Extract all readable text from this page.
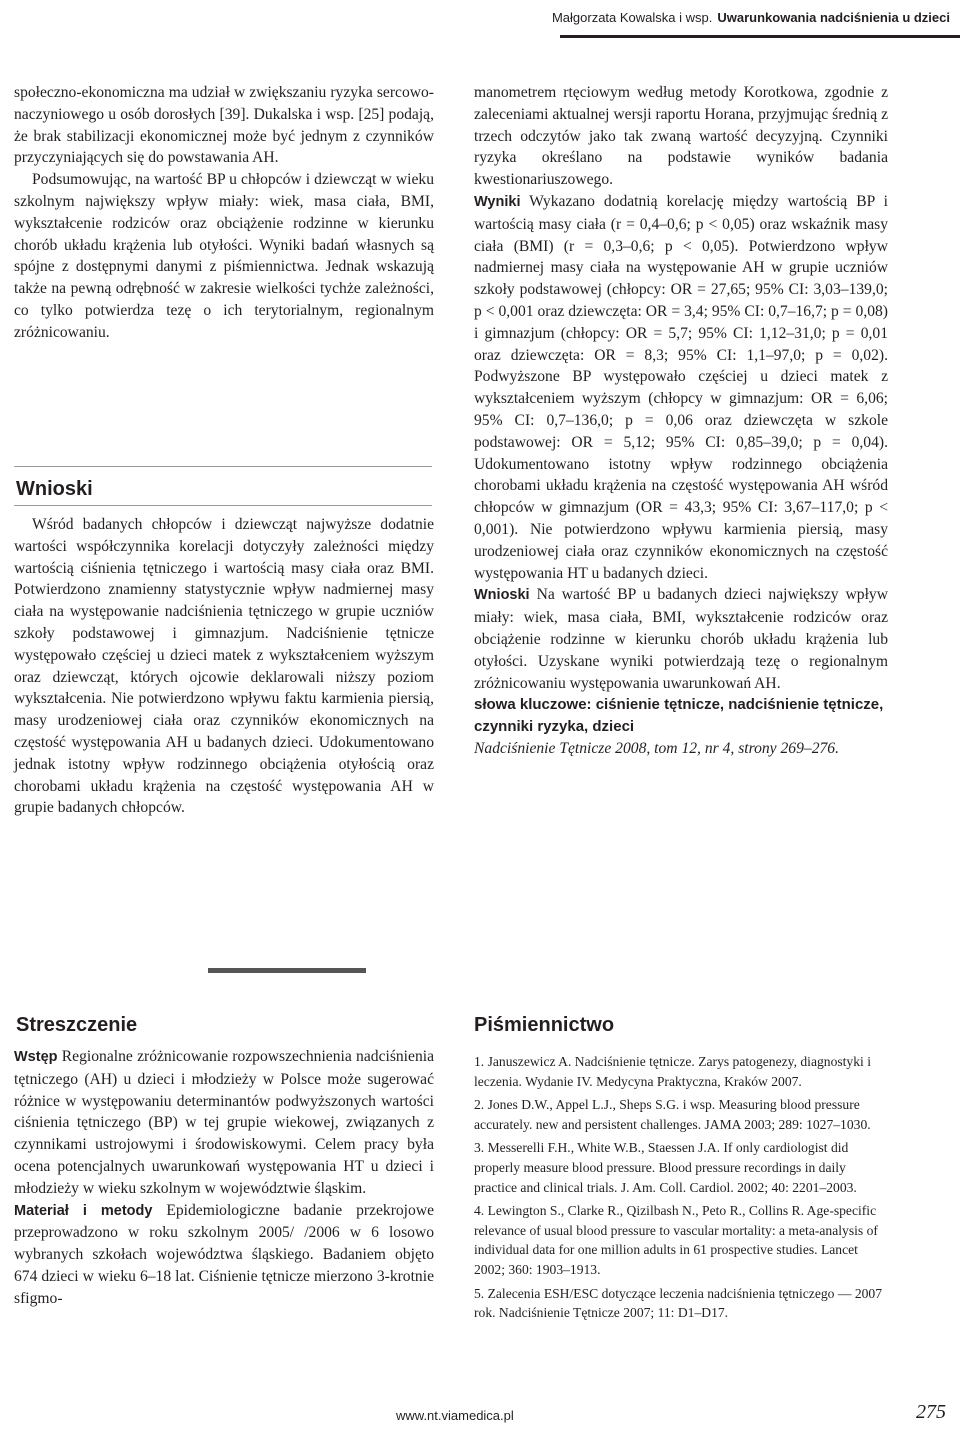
Małgorzata Kowalska i wsp. Uwarunkowania nadciśnienia u dzieci

społeczno-ekonomiczna ma udział w zwiększaniu ryzyka sercowo-naczyniowego u osób dorosłych [39]. Dukalska i wsp. [25] podają, że brak stabilizacji ekonomicznej może być jednym z czynników przyczyniających się do powstawania AH.

Podsumowując, na wartość BP u chłopców i dziewcząt w wieku szkolnym największy wpływ miały: wiek, masa ciała, BMI, wykształcenie rodziców oraz obciążenie rodzinne w kierunku chorób układu krążenia lub otyłości. Wyniki badań własnych są spójne z dostępnymi danymi z piśmiennictwa. Jednak wskazują także na pewną odrębność w zakresie wielkości tychże zależności, co tylko potwierdza tezę o ich terytorialnym, regionalnym zróżnicowaniu.

Wnioski

Wśród badanych chłopców i dziewcząt najwyższe dodatnie wartości współczynnika korelacji dotyczyły zależności między wartością ciśnienia tętniczego i wartością masy ciała oraz BMI. Potwierdzono znamienny statystycznie wpływ nadmiernej masy ciała na występowanie nadciśnienia tętniczego w grupie uczniów szkoły podstawowej i gimnazjum. Nadciśnienie tętnicze występowało częściej u dzieci matek z wykształceniem wyższym oraz dziewcząt, których ojcowie deklarowali niższy poziom wykształcenia. Nie potwierdzono wpływu faktu karmienia piersią, masy urodzeniowej ciała oraz czynników ekonomicznych na częstość występowania AH u badanych dzieci. Udokumentowano jednak istotny wpływ rodzinnego obciążenia otyłością oraz chorobami układu krążenia na częstość występowania AH w grupie badanych chłopców.

Streszczenie

Wstęp Regionalne zróżnicowanie rozpowszechnienia nadciśnienia tętniczego (AH) u dzieci i młodzieży w Polsce może sugerować różnice w występowaniu determinantów podwyższonych wartości ciśnienia tętniczego (BP) w tej grupie wiekowej, związanych z czynnikami ustrojowymi i środowiskowymi. Celem pracy była ocena potencjalnych uwarunkowań występowania HT u dzieci i młodzieży w wieku szkolnym w województwie śląskim.

Materiał i metody Epidemiologiczne badanie przekrojowe przeprowadzono w roku szkolnym 2005/ /2006 w 6 losowo wybranych szkołach województwa śląskiego. Badaniem objęto 674 dzieci w wieku 6–18 lat. Ciśnienie tętnicze mierzono 3-krotnie sfigmo-

manometrem rtęciowym według metody Korotkowa, zgodnie z zaleceniami aktualnej wersji raportu Horana, przyjmując średnią z trzech odczytów jako tak zwaną wartość decyzyjną. Czynniki ryzyka określano na podstawie wyników badania kwestionariuszowego.

Wyniki Wykazano dodatnią korelację między wartością BP i wartością masy ciała (r = 0,4–0,6; p < 0,05) oraz wskaźnik masy ciała (BMI) (r = 0,3–0,6; p < 0,05). Potwierdzono wpływ nadmiernej masy ciała na występowanie AH w grupie uczniów szkoły podstawowej (chłopcy: OR = 27,65; 95% CI: 3,03–139,0; p < 0,001 oraz dziewczęta: OR = 3,4; 95% CI: 0,7–16,7; p = 0,08) i gimnazjum (chłopcy: OR = 5,7; 95% CI: 1,12–31,0; p = 0,01 oraz dziewczęta: OR = 8,3; 95% CI: 1,1–97,0; p = 0,02). Podwyższone BP występowało częściej u dzieci matek z wykształceniem wyższym (chłopcy w gimnazjum: OR = 6,06; 95% CI: 0,7–136,0; p = 0,06 oraz dziewczęta w szkole podstawowej: OR = 5,12; 95% CI: 0,85–39,0; p = 0,04). Udokumentowano istotny wpływ rodzinnego obciążenia chorobami układu krążenia na częstość występowania AH wśród chłopców w gimnazjum (OR = 43,3; 95% CI: 3,67–117,0; p < 0,001). Nie potwierdzono wpływu karmienia piersią, masy urodzeniowej ciała oraz czynników ekonomicznych na częstość występowania HT u badanych dzieci.

Wnioski Na wartość BP u badanych dzieci największy wpływ miały: wiek, masa ciała, BMI, wykształcenie rodziców oraz obciążenie rodzinne w kierunku chorób układu krążenia lub otyłości. Uzyskane wyniki potwierdzają tezę o regionalnym zróżnicowaniu występowania uwarunkowań AH.

słowa kluczowe: ciśnienie tętnicze, nadciśnienie tętnicze, czynniki ryzyka, dzieci

Nadciśnienie Tętnicze 2008, tom 12, nr 4, strony 269–276.

Piśmiennictwo

1. Januszewicz A. Nadciśnienie tętnicze. Zarys patogenezy, diagnostyki i leczenia. Wydanie IV. Medycyna Praktyczna, Kraków 2007.

2. Jones D.W., Appel L.J., Sheps S.G. i wsp. Measuring blood pressure accurately. new and persistent challenges. JAMA 2003; 289: 1027–1030.

3. Messerelli F.H., White W.B., Staessen J.A. If only cardiologist did properly measure blood pressure. Blood pressure recordings in daily practice and clinical trials. J. Am. Coll. Cardiol. 2002; 40: 2201–2003.

4. Lewington S., Clarke R., Qizilbash N., Peto R., Collins R. Age-specific relevance of usual blood pressure to vascular mortality: a meta-analysis of individual data for one million adults in 61 prospective studies. Lancet 2002; 360: 1903–1913.

5. Zalecenia ESH/ESC dotyczące leczenia nadciśnienia tętniczego — 2007 rok. Nadciśnienie Tętnicze 2007; 11: D1–D17.

www.nt.viamedica.pl	275
